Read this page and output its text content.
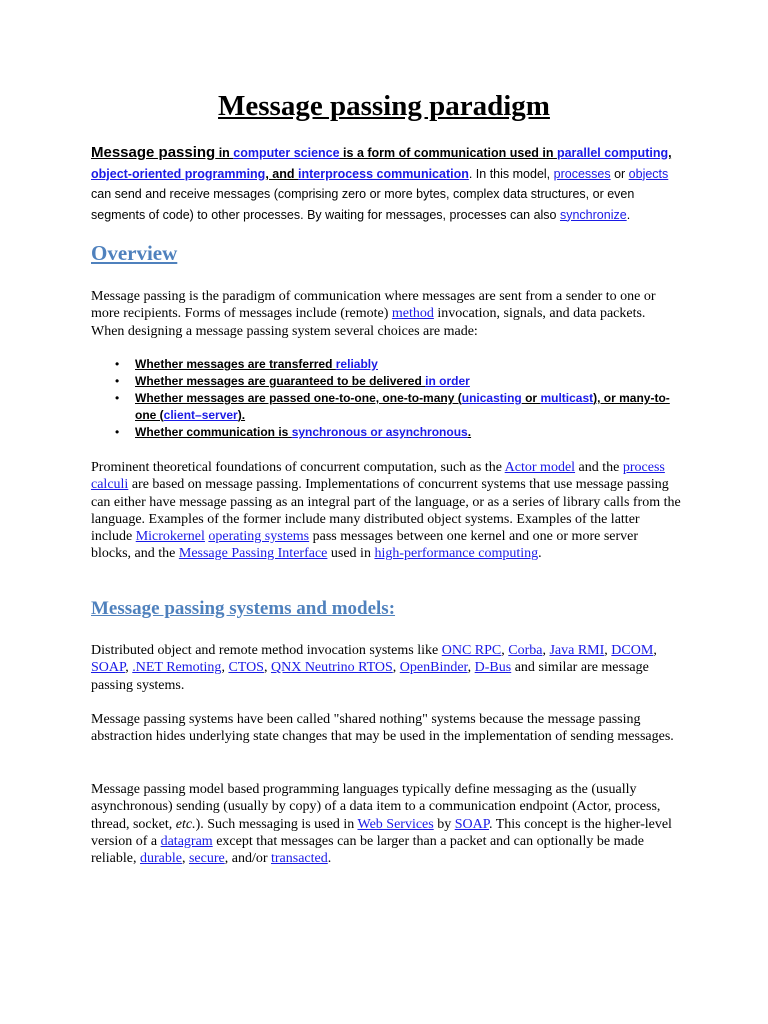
Message passing paradigm
Message passing in computer science is a form of communication used in parallel computing, object-oriented programming, and interprocess communication. In this model, processes or objects can send and receive messages (comprising zero or more bytes, complex data structures, or even segments of code) to other processes. By waiting for messages, processes can also synchronize.
Overview

Message passing is the paradigm of communication where messages are sent from a sender to one or more recipients. Forms of messages include (remote) method invocation, signals, and data packets. When designing a message passing system several choices are made:

• Whether messages are transferred reliably
• Whether messages are guaranteed to be delivered in order
• Whether messages are passed one-to-one, one-to-many (unicasting or multicast), or many-to-one (client–server).
• Whether communication is synchronous or asynchronous.

Prominent theoretical foundations of concurrent computation, such as the Actor model and the process calculi are based on message passing. Implementations of concurrent systems that use message passing can either have message passing as an integral part of the language, or as a series of library calls from the language. Examples of the former include many distributed object systems. Examples of the latter include Microkernel operating systems pass messages between one kernel and one or more server blocks, and the Message Passing Interface used in high-performance computing.

Message passing systems and models:

Distributed object and remote method invocation systems like ONC RPC, Corba, Java RMI, DCOM, SOAP, .NET Remoting, CTOS, QNX Neutrino RTOS, OpenBinder, D-Bus and similar are message passing systems.

Message passing systems have been called "shared nothing" systems because the message passing abstraction hides underlying state changes that may be used in the implementation of sending messages.

Message passing model based programming languages typically define messaging as the (usually asynchronous) sending (usually by copy) of a data item to a communication endpoint (Actor, process, thread, socket, etc.). Such messaging is used in Web Services by SOAP. This concept is the higher-level version of a datagram except that messages can be larger than a packet and can optionally be made reliable, durable, secure, and/or transacted.
